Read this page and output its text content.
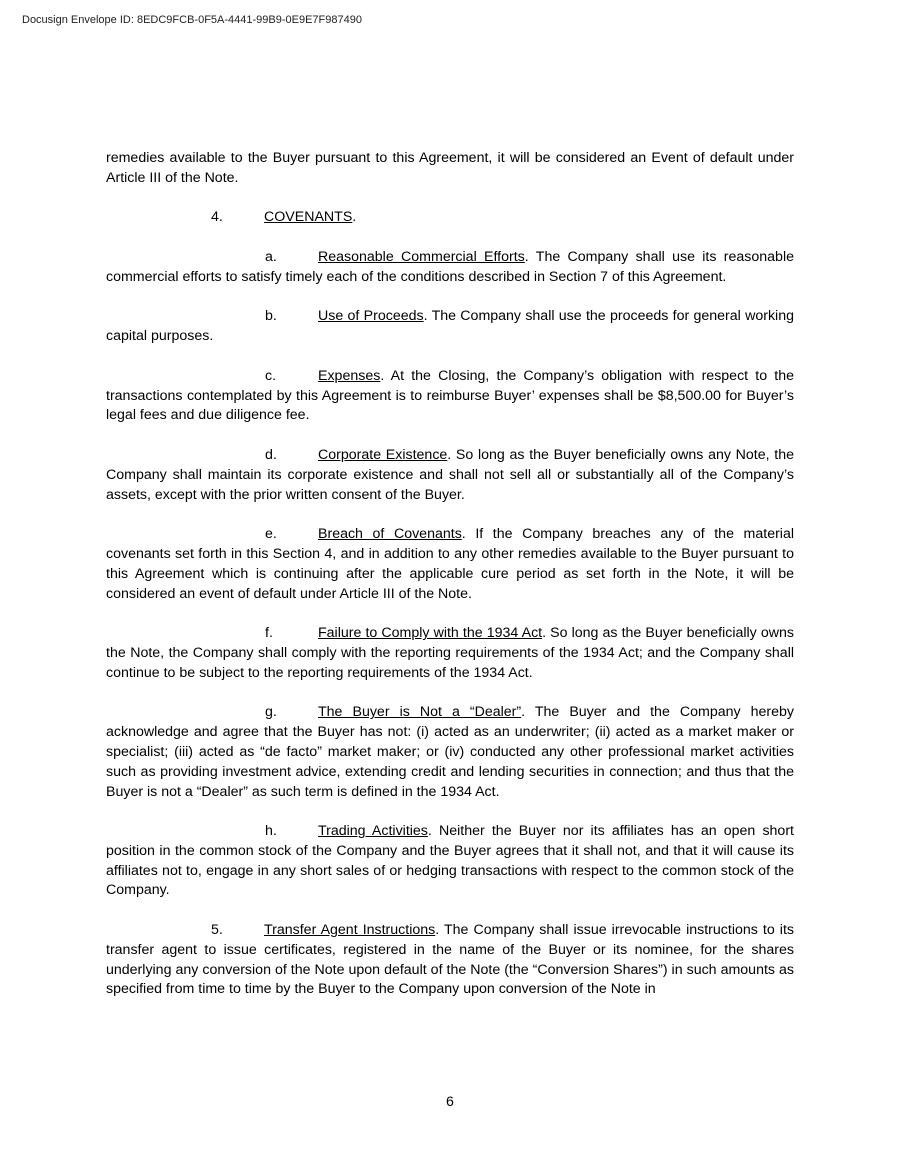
Docusign Envelope ID: 8EDC9FCB-0F5A-4441-99B9-0E9E7F987490

remedies available to the Buyer pursuant to this Agreement, it will be considered an Event of default under Article III of the Note.

4.	COVENANTS.

a.	Reasonable Commercial Efforts. The Company shall use its reasonable commercial efforts to satisfy timely each of the conditions described in Section 7 of this Agreement.

b.	Use of Proceeds. The Company shall use the proceeds for general working capital purposes.

c.	Expenses. At the Closing, the Company’s obligation with respect to the transactions contemplated by this Agreement is to reimburse Buyer’ expenses shall be $8,500.00 for Buyer’s legal fees and due diligence fee.

d.	Corporate Existence. So long as the Buyer beneficially owns any Note, the Company shall maintain its corporate existence and shall not sell all or substantially all of the Company’s assets, except with the prior written consent of the Buyer.

e.	Breach of Covenants. If the Company breaches any of the material covenants set forth in this Section 4, and in addition to any other remedies available to the Buyer pursuant to this Agreement which is continuing after the applicable cure period as set forth in the Note, it will be considered an event of default under Article III of the Note.

f.	Failure to Comply with the 1934 Act. So long as the Buyer beneficially owns the Note, the Company shall comply with the reporting requirements of the 1934 Act; and the Company shall continue to be subject to the reporting requirements of the 1934 Act.

g.	The Buyer is Not a “Dealer”. The Buyer and the Company hereby acknowledge and agree that the Buyer has not: (i) acted as an underwriter; (ii) acted as a market maker or specialist; (iii) acted as “de facto” market maker; or (iv) conducted any other professional market activities such as providing investment advice, extending credit and lending securities in connection; and thus that the Buyer is not a “Dealer” as such term is defined in the 1934 Act.

h.	Trading Activities. Neither the Buyer nor its affiliates has an open short position in the common stock of the Company and the Buyer agrees that it shall not, and that it will cause its affiliates not to, engage in any short sales of or hedging transactions with respect to the common stock of the Company.

5.	Transfer Agent Instructions. The Company shall issue irrevocable instructions to its transfer agent to issue certificates, registered in the name of the Buyer or its nominee, for the shares underlying any conversion of the Note upon default of the Note (the “Conversion Shares”) in such amounts as specified from time to time by the Buyer to the Company upon conversion of the Note in

6
